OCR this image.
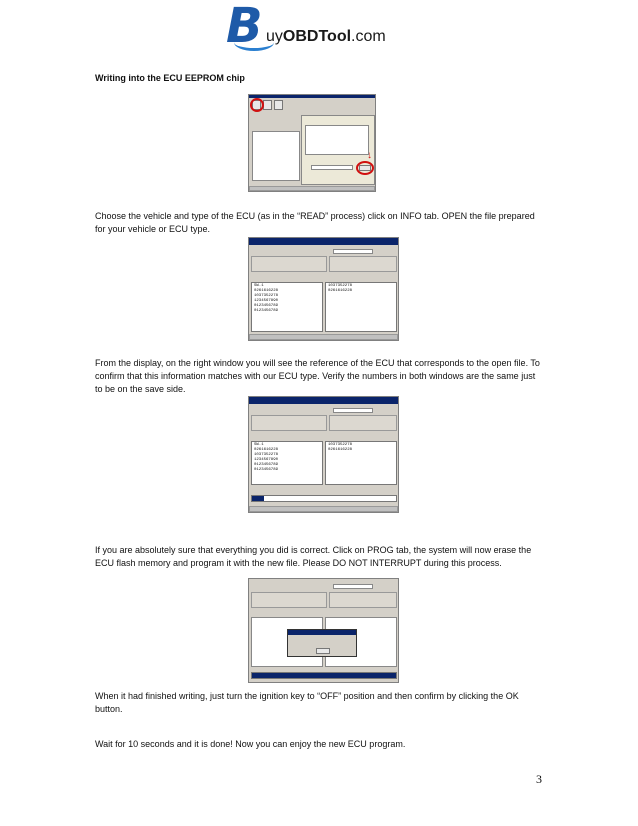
B uyOBDTool.com

Writing into the ECU EEPROM chip

↓

Choose the vehicle and type of the ECU (as in the “READ” process) click on INFO tab. OPEN the file prepared for your vehicle or ECU type.

SW.1
0261616228
1037352278
1234567890
0123456789
0123456789
1037352278
0261616228

From the display, on the right window you will see the reference of the ECU that corresponds to the open file. To confirm that this information matches with our ECU type. Verify the numbers in both windows are the same just to be on the save side.

SW.1
0261616228
1037352278
1234567890
0123456789
0123456789
1037352278
0261616228

If you are absolutely sure that everything you did is correct. Click on PROG tab, the system will now erase the ECU flash memory and program it with the new file. Please DO NOT INTERRUPT during this process.

When it had finished writing, just turn the ignition key to “OFF” position and then confirm by clicking the OK button.

Wait for 10 seconds and it is done! Now you can enjoy the new ECU program.

3
